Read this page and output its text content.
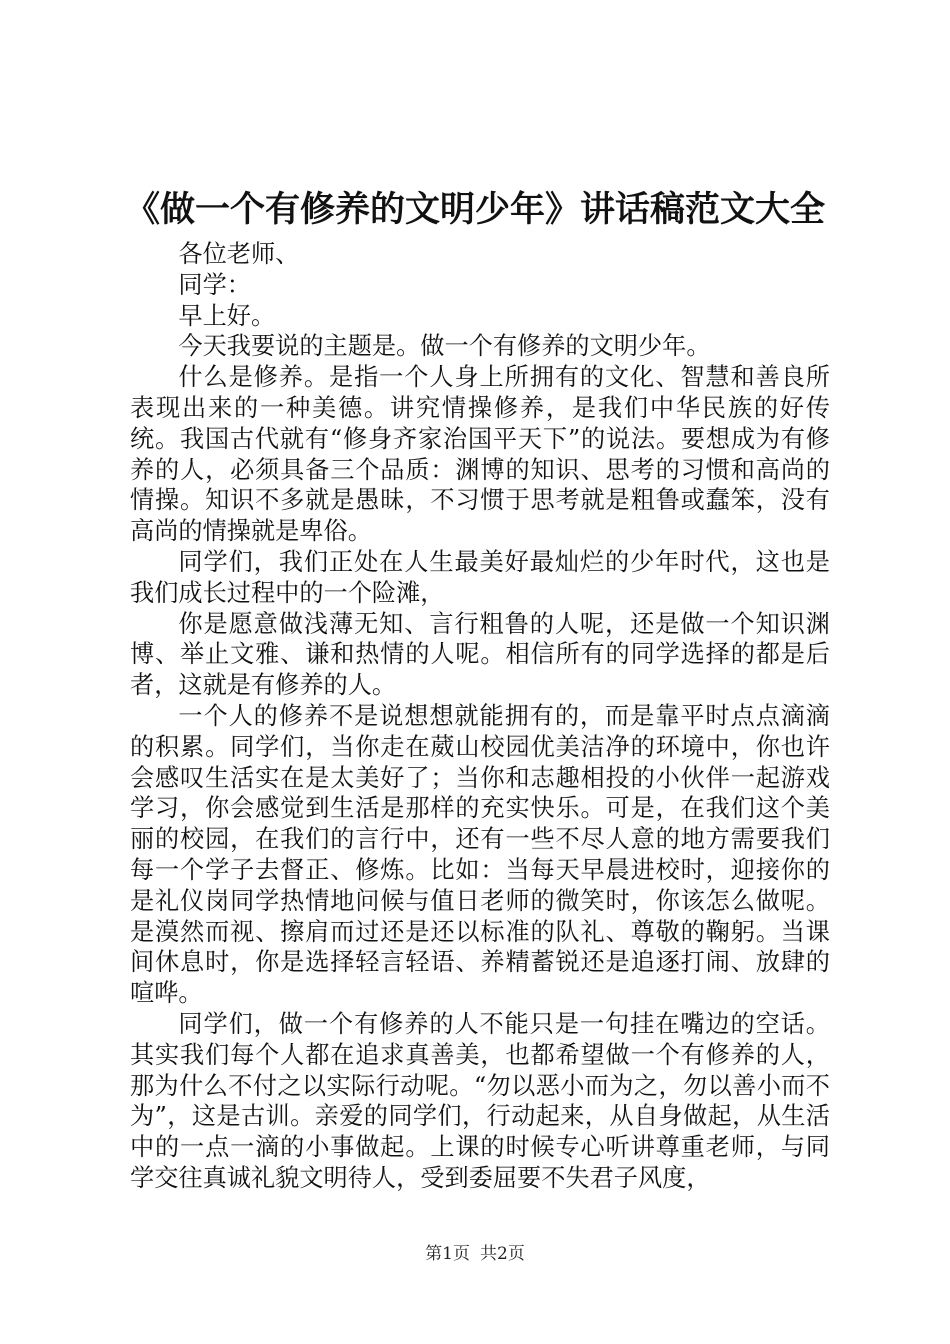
《做一个有修养的文明少年》讲话稿范文大全

各位老师、

同学：

早上好。

今天我要说的主题是。做一个有修养的文明少年。

什么是修养。是指一个人身上所拥有的文化、智慧和善良所表现出来的一种美德。讲究情操修养，是我们中华民族的好传统。我国古代就有“修身齐家治国平天下”的说法。要想成为有修养的人，必须具备三个品质：渊博的知识、思考的习惯和高尚的情操。知识不多就是愚昧，不习惯于思考就是粗鲁或蠢笨，没有高尚的情操就是卑俗。

同学们，我们正处在人生最美好最灿烂的少年时代，这也是我们成长过程中的一个险滩，

你是愿意做浅薄无知、言行粗鲁的人呢，还是做一个知识渊博、举止文雅、谦和热情的人呢。相信所有的同学选择的都是后者，这就是有修养的人。

一个人的修养不是说想想就能拥有的，而是靠平时点点滴滴的积累。同学们，当你走在葳山校园优美洁净的环境中，你也许会感叹生活实在是太美好了；当你和志趣相投的小伙伴一起游戏学习，你会感觉到生活是那样的充实快乐。可是，在我们这个美丽的校园，在我们的言行中，还有一些不尽人意的地方需要我们每一个学子去督正、修炼。比如：当每天早晨进校时，迎接你的是礼仪岗同学热情地问候与值日老师的微笑时，你该怎么做呢。是漠然而视、擦肩而过还是还以标准的队礼、尊敬的鞠躬。当课间休息时，你是选择轻言轻语、养精蓄锐还是追逐打闹、放肆的喧哗。

同学们，做一个有修养的人不能只是一句挂在嘴边的空话。其实我们每个人都在追求真善美，也都希望做一个有修养的人，那为什么不付之以实际行动呢。“勿以恶小而为之，勿以善小而不为”，这是古训。亲爱的同学们，行动起来，从自身做起，从生活中的一点一滴的小事做起。上课的时候专心听讲尊重老师，与同学交往真诚礼貌文明待人，受到委屈要不失君子风度，

第1页 共2页
